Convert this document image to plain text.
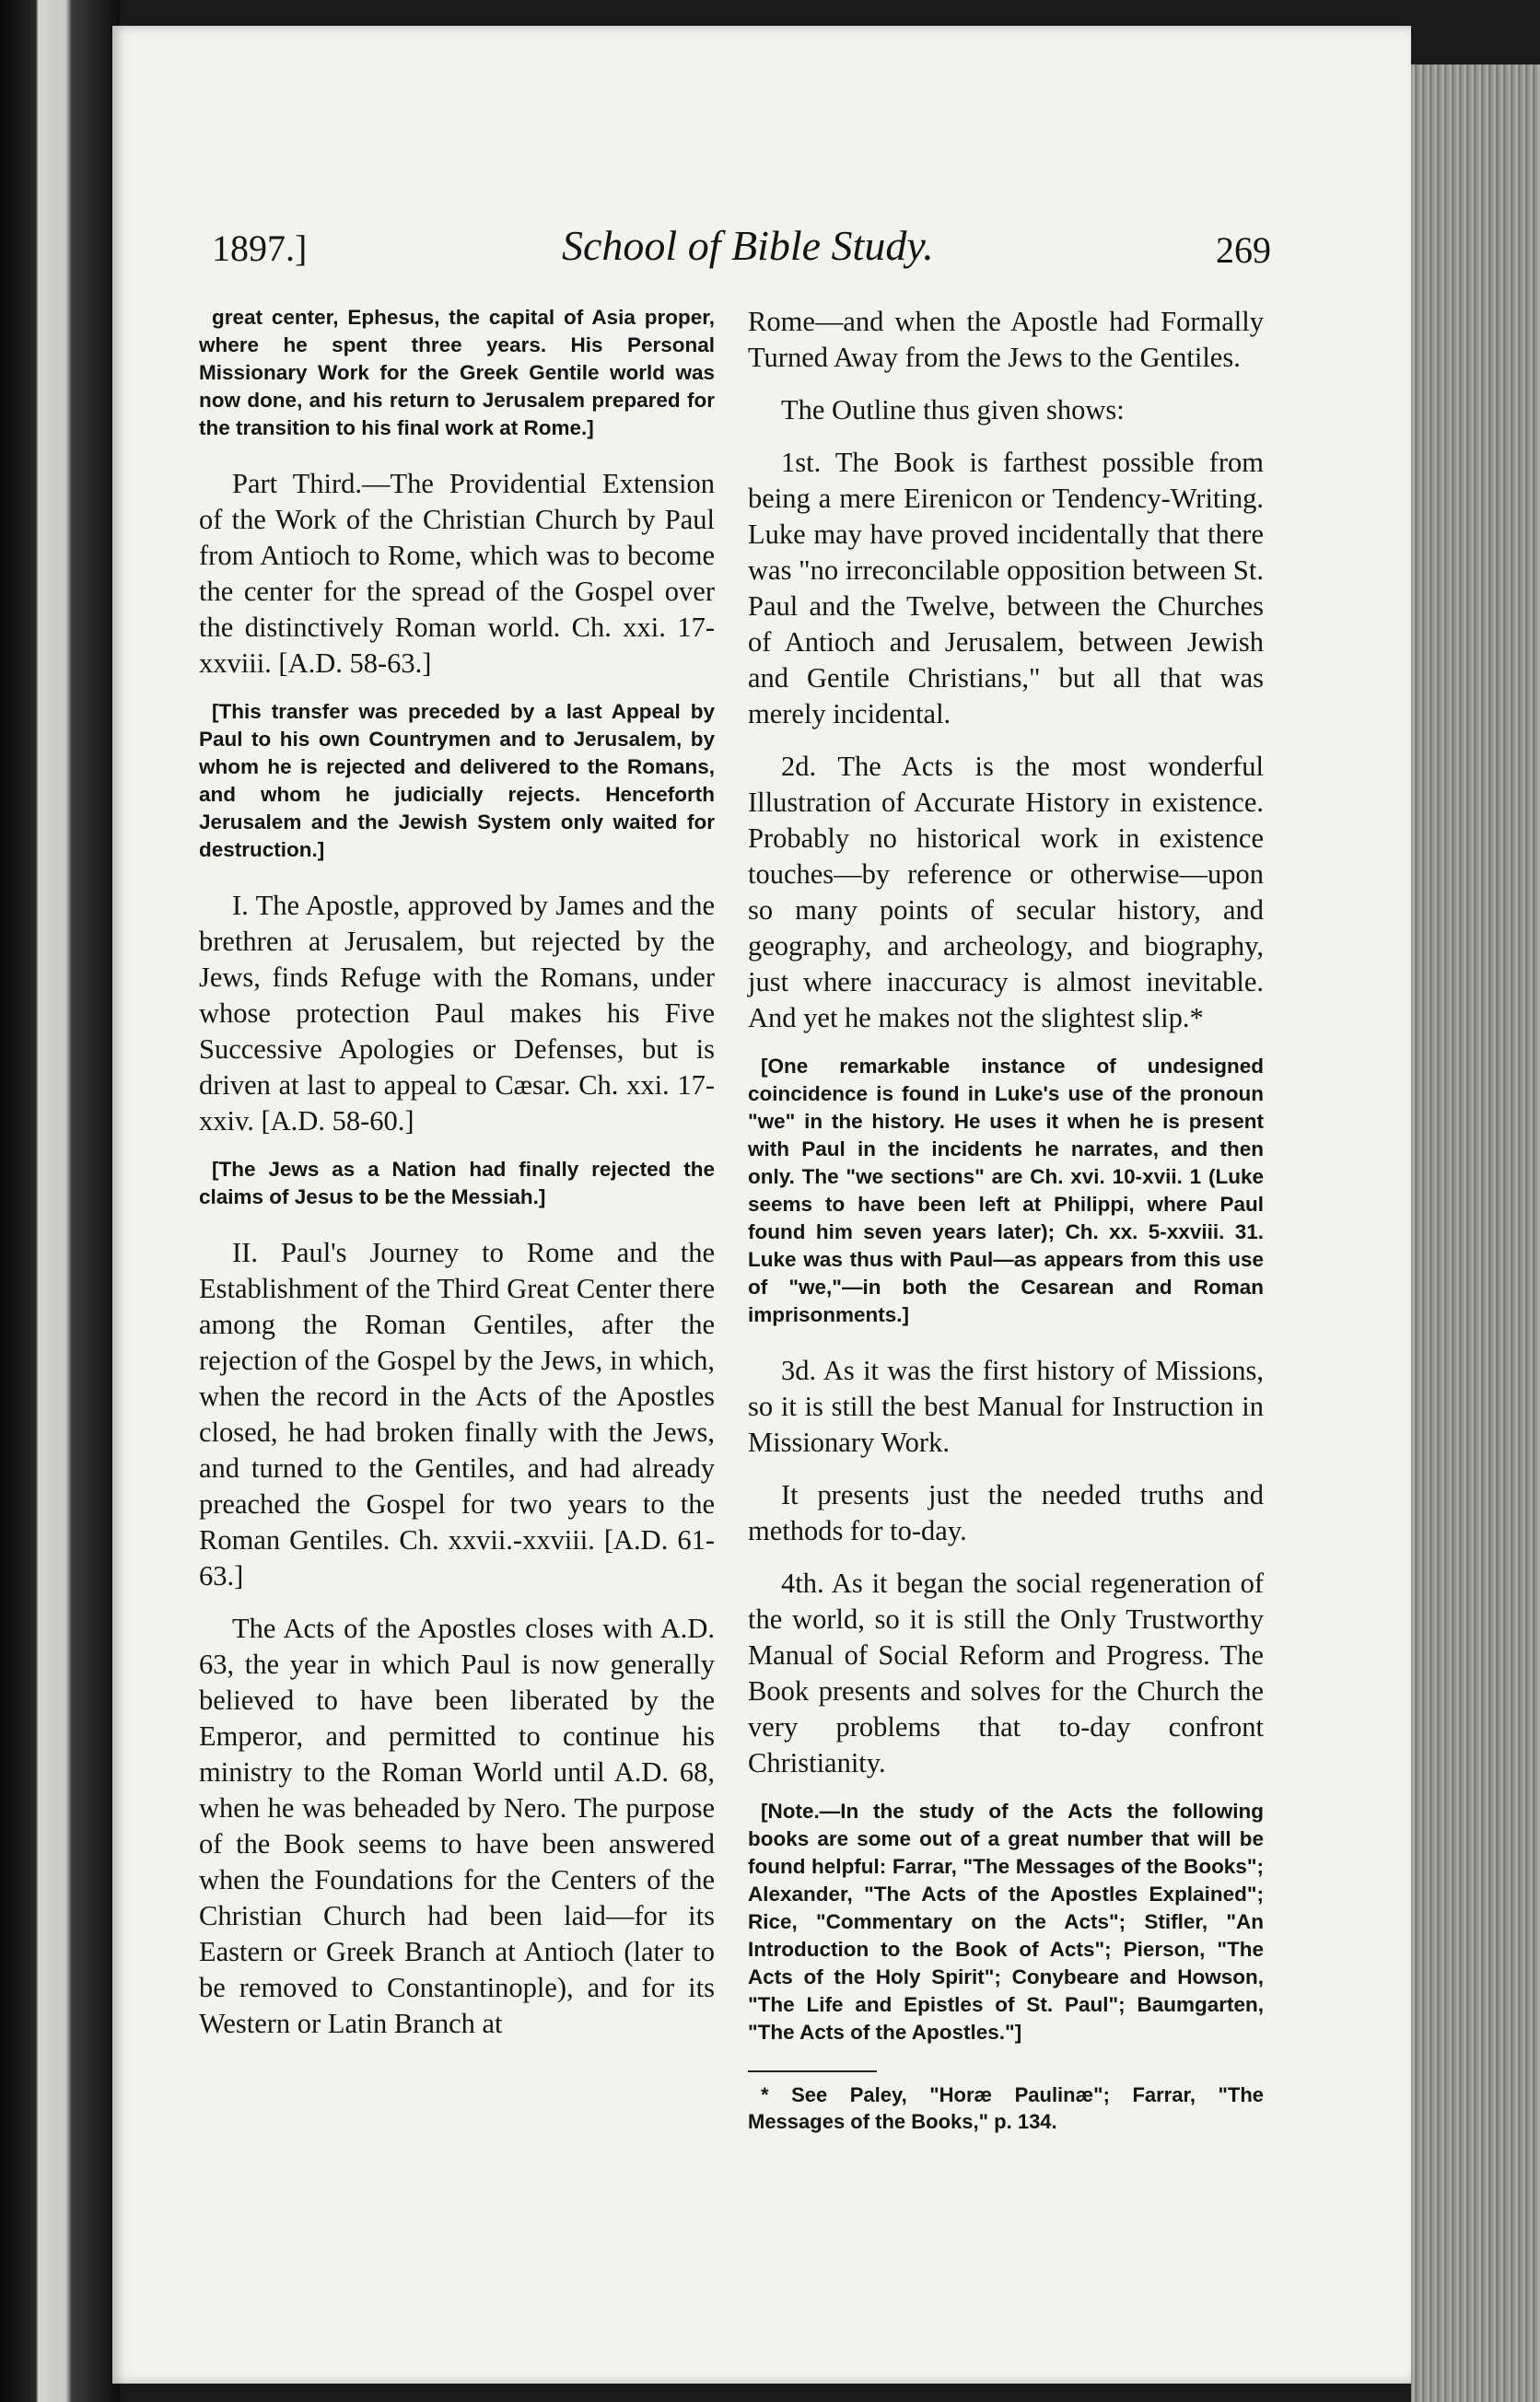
1897.]	School of Bible Study.	269

great center, Ephesus, the capital of Asia proper, where he spent three years. His Personal Missionary Work for the Greek Gentile world was now done, and his return to Jerusalem prepared for the transition to his final work at Rome.]

Part Third.—The Providential Extension of the Work of the Christian Church by Paul from Antioch to Rome, which was to become the center for the spread of the Gospel over the distinctively Roman world. Ch. xxi. 17-xxviii. [A.D. 58-63.]

[This transfer was preceded by a last Appeal by Paul to his own Countrymen and to Jerusalem, by whom he is rejected and delivered to the Romans, and whom he judicially rejects. Henceforth Jerusalem and the Jewish System only waited for destruction.]

I. The Apostle, approved by James and the brethren at Jerusalem, but rejected by the Jews, finds Refuge with the Romans, under whose protection Paul makes his Five Successive Apologies or Defenses, but is driven at last to appeal to Cæsar. Ch. xxi. 17-xxiv. [A.D. 58-60.]

[The Jews as a Nation had finally rejected the claims of Jesus to be the Messiah.]

II. Paul's Journey to Rome and the Establishment of the Third Great Center there among the Roman Gentiles, after the rejection of the Gospel by the Jews, in which, when the record in the Acts of the Apostles closed, he had broken finally with the Jews, and turned to the Gentiles, and had already preached the Gospel for two years to the Roman Gentiles. Ch. xxvii.-xxviii. [A.D. 61-63.]

The Acts of the Apostles closes with A.D. 63, the year in which Paul is now generally believed to have been liberated by the Emperor, and permitted to continue his ministry to the Roman World until A.D. 68, when he was beheaded by Nero. The purpose of the Book seems to have been answered when the Foundations for the Centers of the Christian Church had been laid—for its Eastern or Greek Branch at Antioch (later to be removed to Constantinople), and for its Western or Latin Branch at

Rome—and when the Apostle had Formally Turned Away from the Jews to the Gentiles.

The Outline thus given shows:

1st. The Book is farthest possible from being a mere Eirenicon or Tendency-Writing. Luke may have proved incidentally that there was "no irreconcilable opposition between St. Paul and the Twelve, between the Churches of Antioch and Jerusalem, between Jewish and Gentile Christians," but all that was merely incidental.

2d. The Acts is the most wonderful Illustration of Accurate History in existence. Probably no historical work in existence touches—by reference or otherwise—upon so many points of secular history, and geography, and archeology, and biography, just where inaccuracy is almost inevitable. And yet he makes not the slightest slip.*

[One remarkable instance of undesigned coincidence is found in Luke's use of the pronoun "we" in the history. He uses it when he is present with Paul in the incidents he narrates, and then only. The "we sections" are Ch. xvi. 10-xvii. 1 (Luke seems to have been left at Philippi, where Paul found him seven years later); Ch. xx. 5-xxviii. 31. Luke was thus with Paul—as appears from this use of "we,"—in both the Cesarean and Roman imprisonments.]

3d. As it was the first history of Missions, so it is still the best Manual for Instruction in Missionary Work.

It presents just the needed truths and methods for to-day.

4th. As it began the social regeneration of the world, so it is still the Only Trustworthy Manual of Social Reform and Progress. The Book presents and solves for the Church the very problems that to-day confront Christianity.

[Note.—In the study of the Acts the following books are some out of a great number that will be found helpful: Farrar, "The Messages of the Books"; Alexander, "The Acts of the Apostles Explained"; Rice, "Commentary on the Acts"; Stifler, "An Introduction to the Book of Acts"; Pierson, "The Acts of the Holy Spirit"; Conybeare and Howson, "The Life and Epistles of St. Paul"; Baumgarten, "The Acts of the Apostles."]

* See Paley, "Horæ Paulinæ"; Farrar, "The Messages of the Books," p. 134.
